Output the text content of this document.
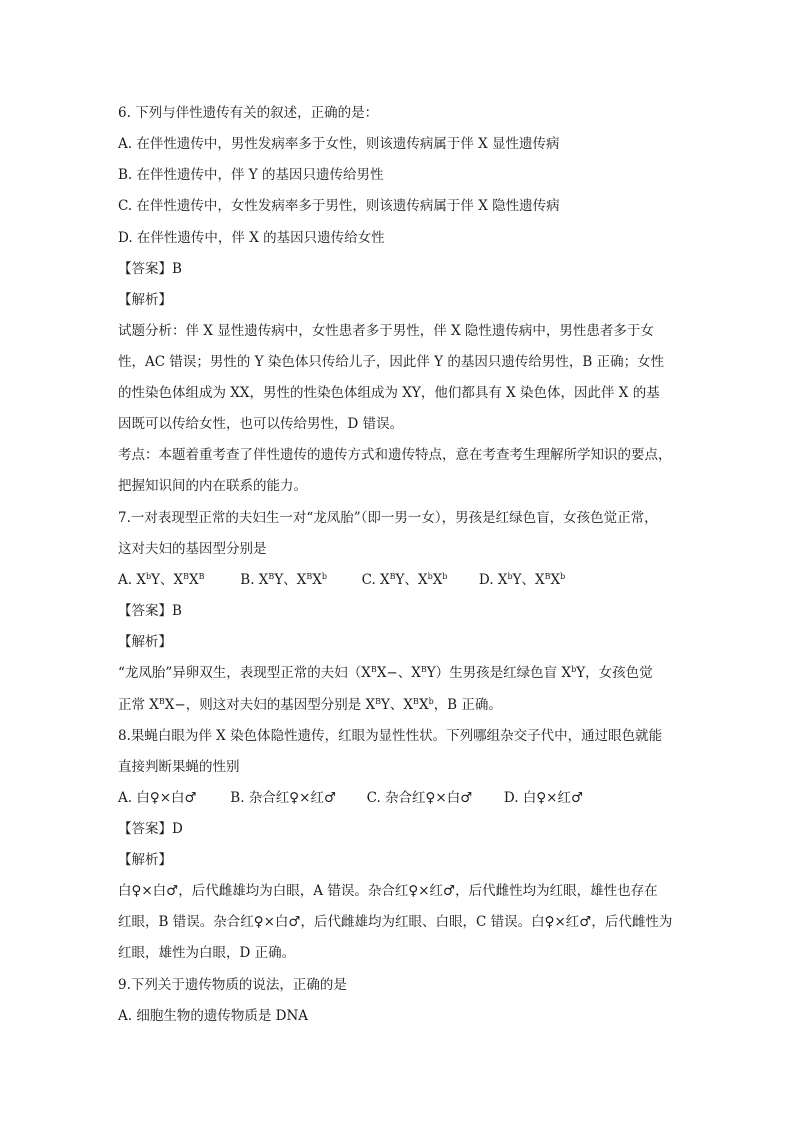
6. 下列与伴性遗传有关的叙述，正确的是：
A. 在伴性遗传中，男性发病率多于女性，则该遗传病属于伴 X 显性遗传病
B. 在伴性遗传中，伴 Y 的基因只遗传给男性
C. 在伴性遗传中，女性发病率多于男性，则该遗传病属于伴 X 隐性遗传病
D. 在伴性遗传中，伴 X 的基因只遗传给女性
【答案】B
【解析】
试题分析：伴 X 显性遗传病中，女性患者多于男性，伴 X 隐性遗传病中，男性患者多于女
性，AC 错误；男性的 Y 染色体只传给儿子，因此伴 Y 的基因只遗传给男性，B 正确；女性
的性染色体组成为 XX，男性的性染色体组成为 XY，他们都具有 X 染色体，因此伴 X 的基
因既可以传给女性，也可以传给男性，D 错误。
考点：本题着重考查了伴性遗传的遗传方式和遗传特点，意在考查考生理解所学知识的要点，
把握知识间的内在联系的能力。
7.一对表现型正常的夫妇生一对“龙凤胎”（即一男一女），男孩是红绿色盲，女孩色觉正常，
这对夫妇的基因型分别是
A. $X^bY$、$X^BX^B$	B. $X^BY$、$X^BX^b$	C. $X^BY$、$X^bX^b$ D. $X^bY$、$X^BX^b$
【答案】B
【解析】
“龙凤胎”异卵双生，表现型正常的夫妇（$X^BX-$、$X^BY$）生男孩是红绿色盲 $X^bY$，女孩色觉
正常 $X^BX-$，则这对夫妇的基因型分别是 $X^BY$、$X^BX^b$，B 正确。
8.果蝇白眼为伴 X 染色体隐性遗传，红眼为显性性状。下列哪组杂交子代中，通过眼色就能
直接判断果蝇的性别
A. 白♀×白♂ B. 杂合红♀×红♂ C. 杂合红♀×白♂ D. 白♀×红♂
【答案】D
【解析】
白♀×白♂，后代雌雄均为白眼，A 错误。杂合红♀×红♂，后代雌性均为红眼，雄性也存在
红眼，B 错误。杂合红♀×白♂，后代雌雄均为红眼、白眼，C 错误。白♀×红♂，后代雌性为
红眼，雄性为白眼，D 正确。
9.下列关于遗传物质的说法，正确的是
A. 细胞生物的遗传物质是 DNA
